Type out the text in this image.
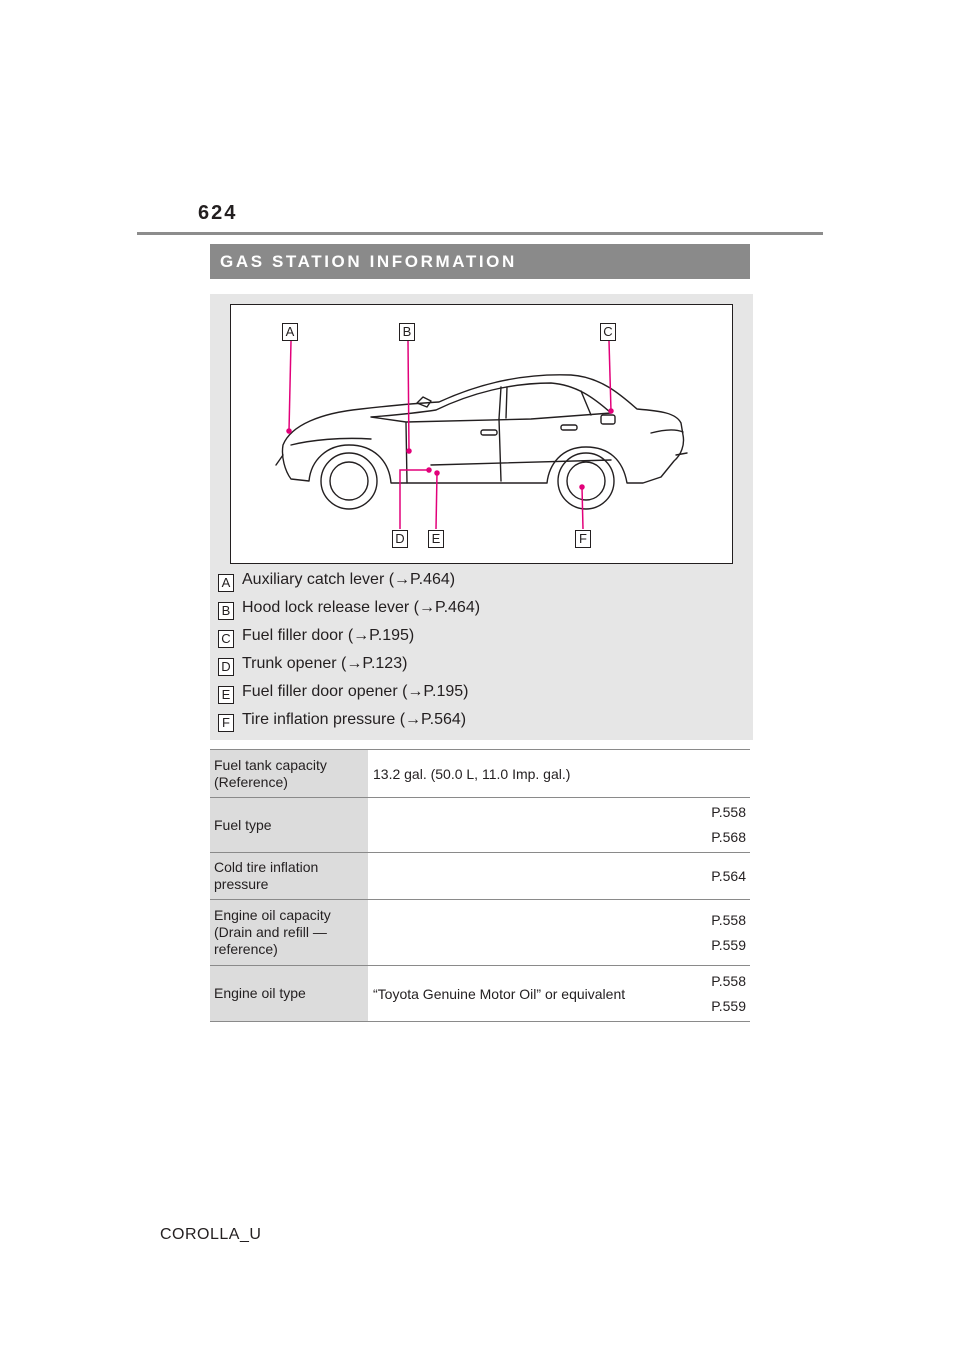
624
GAS STATION INFORMATION
A	B	C
D E	F
A Auxiliary catch lever (→P.464)
B Hood lock release lever (→P.464)
C Fuel filler door (→P.195)
D Trunk opener (→P.123)
E Fuel filler door opener (→P.195)
F Tire inflation pressure (→P.564)
Fuel tank capacity (Reference)	13.2 gal. (50.0 L, 11.0 Imp. gal.)	
Fuel type		P.558
P.568

Cold tire inflation pressure		P.564

Engine oil capacity (Drain and refill — reference)		P.558
P.559

Engine oil type	“Toyota Genuine Motor Oil” or equivalent	P.558
P.559
COROLLA_U
